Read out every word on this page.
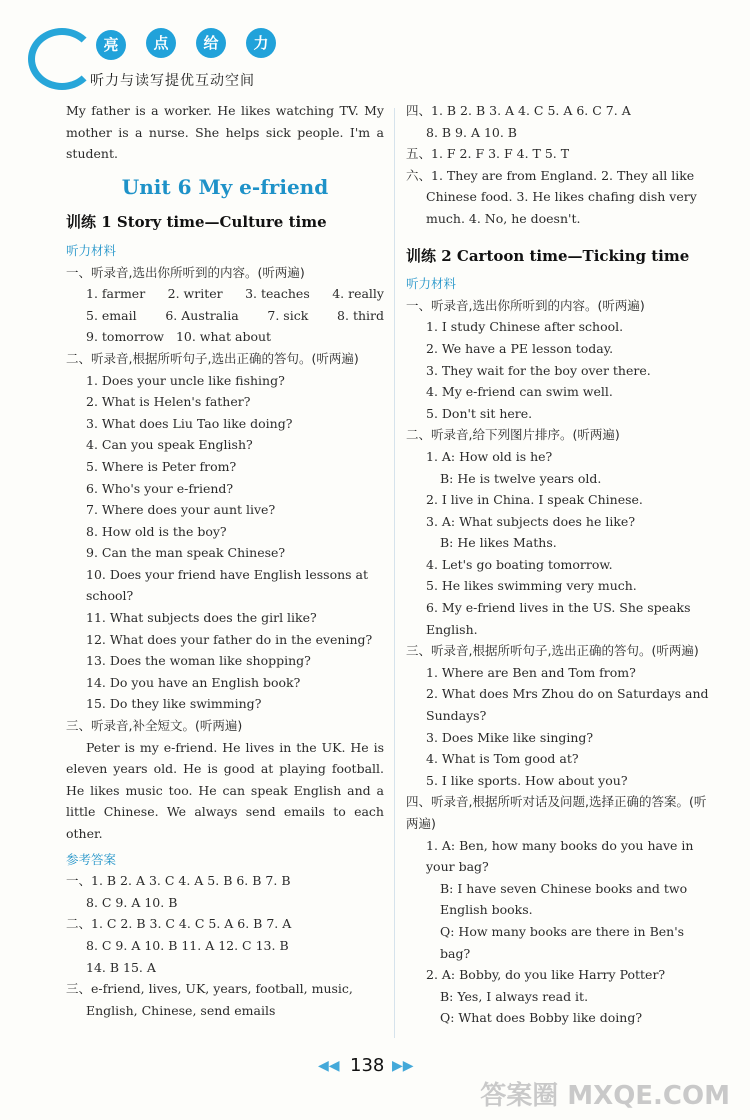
亮	点	给	力
听力与读写提优互动空间

My father is a worker. He likes watching TV. My mother is a nurse. She helps sick people. I'm a student.

Unit 6 My e-friend
训练 1 Story time—Culture time
听力材料
一、听录音,选出你所听到的内容。(听两遍)
1. farmer 2. writer 3. teaches 4. really
5. email 6. Australia 7. sick 8. third
9. tomorrow 10. what about
二、听录音,根据所听句子,选出正确的答句。(听两遍)
1. Does your uncle like fishing?
2. What is Helen's father?
3. What does Liu Tao like doing?
4. Can you speak English?
5. Where is Peter from?
6. Who's your e-friend?
7. Where does your aunt live?
8. How old is the boy?
9. Can the man speak Chinese?
10. Does your friend have English lessons at school?
11. What subjects does the girl like?
12. What does your father do in the evening?
13. Does the woman like shopping?
14. Do you have an English book?
15. Do they like swimming?
三、听录音,补全短文。(听两遍)

Peter is my e-friend. He lives in the UK. He is eleven years old. He is good at playing football. He likes music too. He can speak English and a little Chinese. We always send emails to each other.

参考答案
一、1. B 2. A 3. C 4. A 5. B 6. B 7. B
8. C 9. A 10. B
二、1. C 2. B 3. C 4. C 5. A 6. B 7. A
8. C 9. A 10. B 11. A 12. C 13. B
14. B 15. A
三、e-friend, lives, UK, years, football, music,
English, Chinese, send emails
四、1. B 2. B 3. A 4. C 5. A 6. C 7. A
8. B 9. A 10. B
五、1. F 2. F 3. F 4. T 5. T
六、1. They are from England. 2. They all like
Chinese food. 3. He likes chafing dish very
much. 4. No, he doesn't.
训练 2 Cartoon time—Ticking time
听力材料
一、听录音,选出你所听到的内容。(听两遍)
1. I study Chinese after school.
2. We have a PE lesson today.
3. They wait for the boy over there.
4. My e-friend can swim well.
5. Don't sit here.
二、听录音,给下列图片排序。(听两遍)
1. A: How old is he?
B: He is twelve years old.
2. I live in China. I speak Chinese.
3. A: What subjects does he like?
B: He likes Maths.
4. Let's go boating tomorrow.
5. He likes swimming very much.
6. My e-friend lives in the US. She speaks English.
三、听录音,根据所听句子,选出正确的答句。(听两遍)
1. Where are Ben and Tom from?
2. What does Mrs Zhou do on Saturdays and Sundays?
3. Does Mike like singing?
4. What is Tom good at?
5. I like sports. How about you?
四、听录音,根据所听对话及问题,选择正确的答案。(听两遍)
1. A: Ben, how many books do you have in your bag?
B: I have seven Chinese books and two English books.
Q: How many books are there in Ben's bag?
2. A: Bobby, do you like Harry Potter?
B: Yes, I always read it.
Q: What does Bobby like doing?
◀◀ 138 ▶▶
答案圈 MXQE.COM
